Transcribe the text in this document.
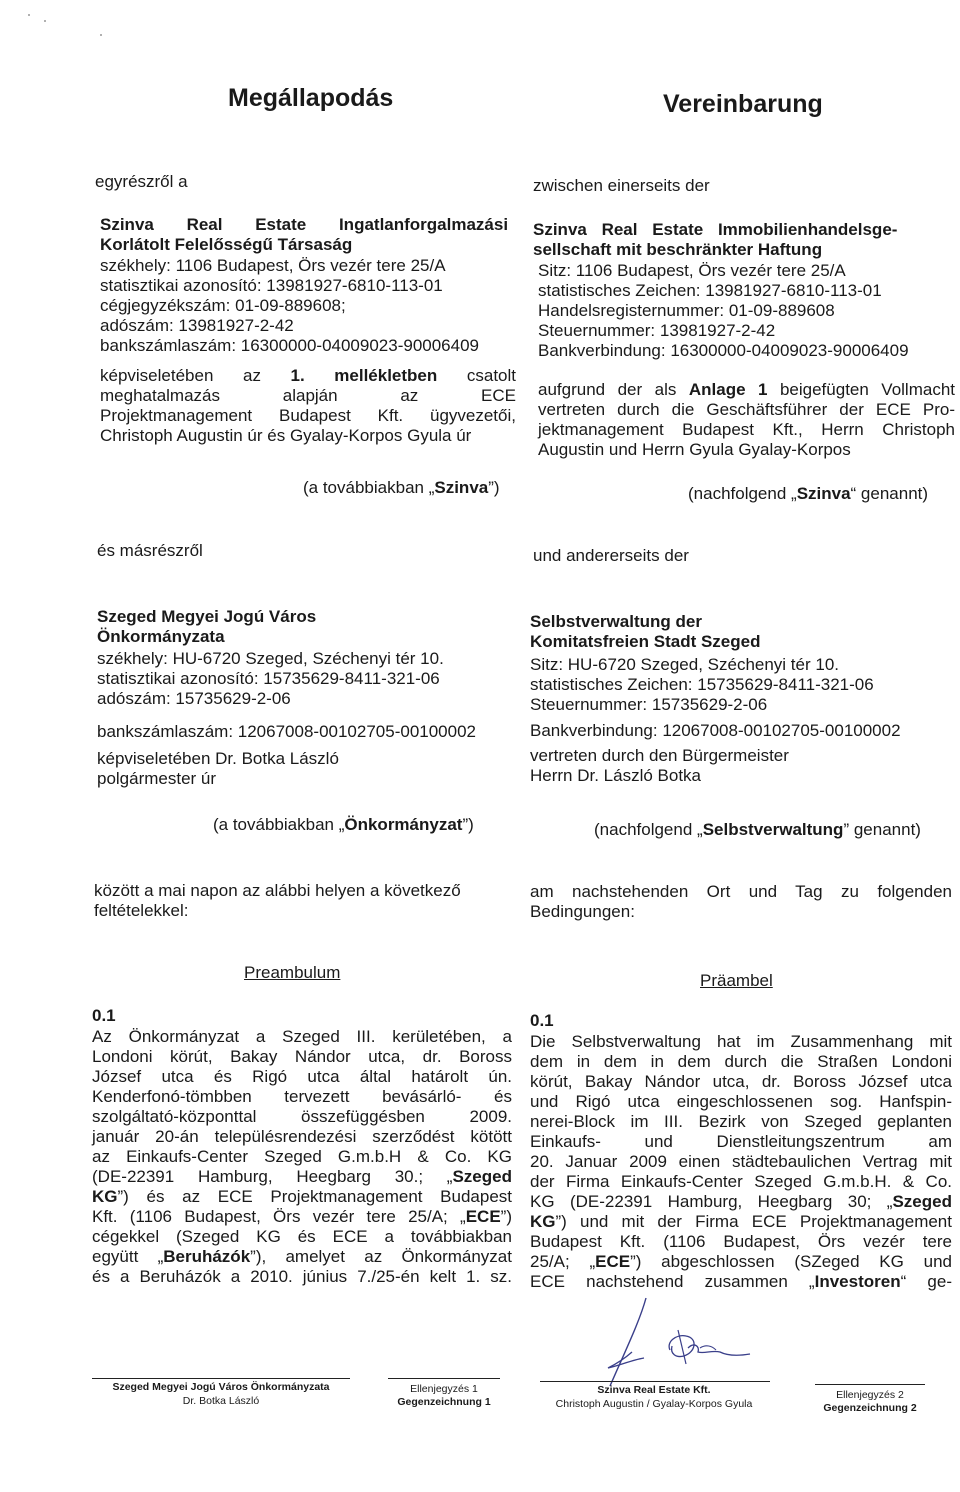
Megállapodás	Vereinbarung
egyrészről a
Szinva Real Estate Ingatlanforgalmazási
Korlátolt Felelősségű Társaság
székhely: 1106 Budapest, Örs vezér tere 25/A
statisztikai azonosító: 13981927-6810-113-01
cégjegyzékszám: 01-09-889608;
adószám: 13981927-2-42
bankszámlaszám: 16300000-04009023-90006409
képviseletében az 1. mellékletben csatolt
meghatalmazás alapján az ECE
Projektmanagement Budapest Kft. ügyvezetői,
Christoph Augustin úr és Gyalay-Korpos Gyula úr
(a továbbiakban „Szinva”)
és másrészről
Szeged Megyei Jogú Város
Önkormányzata
székhely: HU-6720 Szeged, Széchenyi tér 10.
statisztikai azonosító: 15735629-8411-321-06
adószám: 15735629-2-06
bankszámlaszám: 12067008-00102705-00100002
képviseletében Dr. Botka László
polgármester úr
(a továbbiakban „Önkormányzat”)
között a mai napon az alábbi helyen a következő
feltételekkel:
Preambulum
0.1
Az Önkormányzat a Szeged III. kerületében, a
Londoni körút, Bakay Nándor utca, dr. Boross
József utca és Rigó utca által határolt ún.
Kenderfonó-tömbben tervezett bevásárló- és
szolgáltató-központtal összefüggésben 2009.
január 20-án településrendezési szerződést kötött
az Einkaufs-Center Szeged G.m.b.H & Co. KG
(DE-22391 Hamburg, Heegbarg 30.; „Szeged
KG”) és az ECE Projektmanagement Budapest
Kft. (1106 Budapest, Örs vezér tere 25/A; „ECE”)
cégekkel (Szeged KG és ECE a továbbiakban
együtt „Beruházók”), amelyet az Önkormányzat
és a Beruházók a 2010. június 7./25-én kelt 1. sz.
zwischen einerseits der
Szinva Real Estate Immobilienhandelsge-
sellschaft mit beschränkter Haftung
Sitz: 1106 Budapest, Örs vezér tere 25/A
statistisches Zeichen: 13981927-6810-113-01
Handelsregisternummer: 01-09-889608
Steuernummer: 13981927-2-42
Bankverbindung: 16300000-04009023-90006409
aufgrund der als Anlage 1 beigefügten Vollmacht
vertreten durch die Geschäftsführer der ECE Pro-
jektmanagement Budapest Kft., Herrn Christoph
Augustin und Herrn Gyula Gyalay-Korpos
(nachfolgend „Szinva“ genannt)
und andererseits der
Selbstverwaltung der
Komitatsfreien Stadt Szeged
Sitz: HU-6720 Szeged, Széchenyi tér 10.
statistisches Zeichen: 15735629-8411-321-06
Steuernummer: 15735629-2-06
Bankverbindung: 12067008-00102705-00100002
vertreten durch den Bürgermeister
Herrn Dr. László Botka
(nachfolgend „Selbstverwaltung” genannt)
am nachstehenden Ort und Tag zu folgenden
Bedingungen:
Präambel
0.1
Die Selbstverwaltung hat im Zusammenhang mit
dem in dem in dem durch die Straßen Londoni
körút, Bakay Nándor utca, dr. Boross József utca
und Rigó utca eingeschlossenen sog. Hanfspin-
nerei-Block im III. Bezirk von Szeged geplanten
Einkaufs- und Dienstleitungszentrum am
20. Januar 2009 einen städtebaulichen Vertrag mit
der Firma Einkaufs-Center Szeged G.m.b.H. & Co.
KG (DE-22391 Hamburg, Heegbarg 30; „Szeged
KG”) und mit der Firma ECE Projektmanagement
Budapest Kft. (1106 Budapest, Örs vezér tere
25/A; „ECE”) abgeschlossen (SZeged KG und
ECE nachstehend zusammen „Investoren“ ge-
Szeged Megyei Jogú Város Önkormányzata
Dr. Botka László
Ellenjegyzés 1
Gegenzeichnung 1
Szinva Real Estate Kft.
Christoph Augustin / Gyalay-Korpos Gyula
Ellenjegyzés 2
Gegenzeichnung 2
